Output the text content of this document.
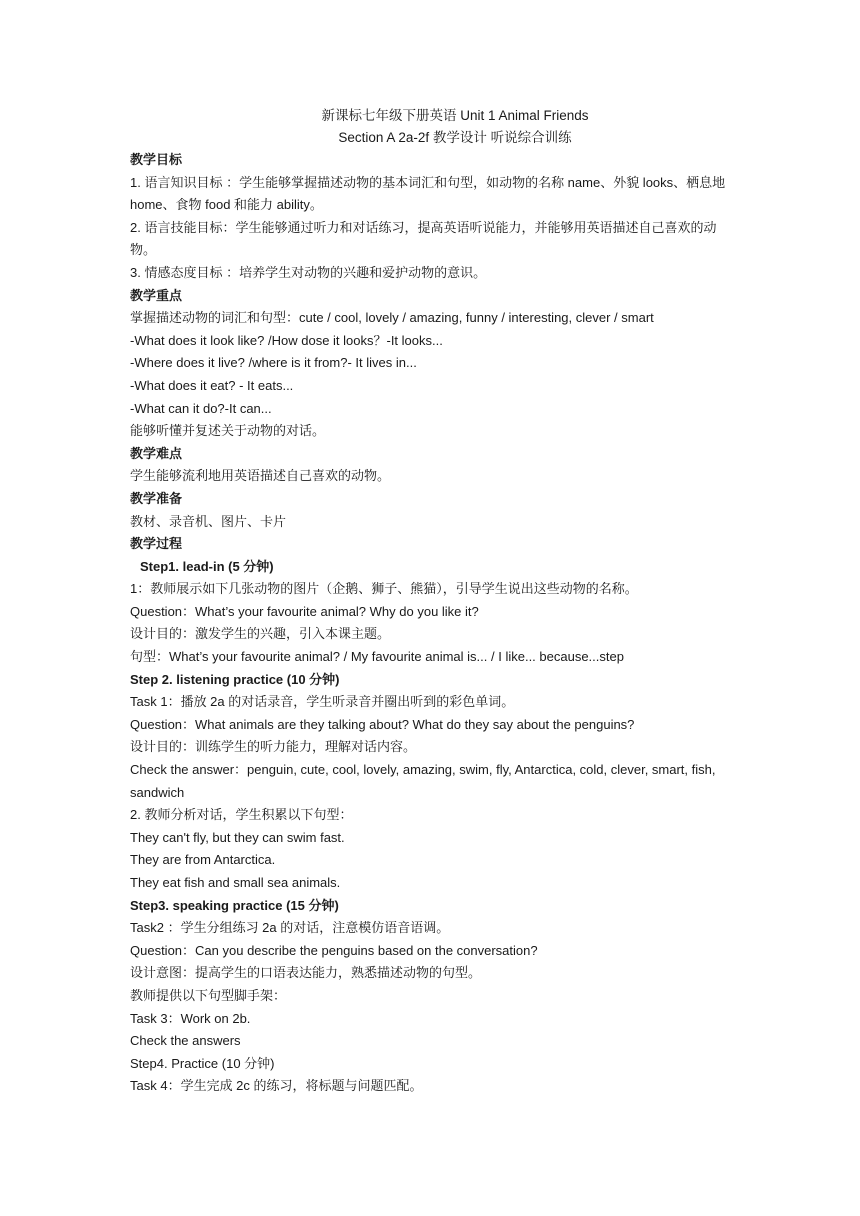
新课标七年级下册英语 Unit 1 Animal Friends
Section A 2a-2f 教学设计 听说综合训练
教学目标
1. 语言知识目标 ：学生能够掌握描述动物的基本词汇和句型，如动物的名称 name、外貌 looks、栖息地 home、食物 food 和能力 ability。
2. 语言技能目标：学生能够通过听力和对话练习，提高英语听说能力，并能够用英语描述自己喜欢的动物。
3. 情感态度目标 ：培养学生对动物的兴趣和爱护动物的意识。
教学重点
掌握描述动物的词汇和句型：cute / cool, lovely / amazing, funny / interesting, clever / smart
-What does it look like? /How dose it looks？-It looks...
-Where does it live? /where is it from?- It lives in...
-What does it eat? - It eats...
-What can it do?-It can...
能够听懂并复述关于动物的对话。
教学难点
学生能够流利地用英语描述自己喜欢的动物。
教学准备
教材、录音机、图片、卡片
教学过程
Step1. lead-in (5 分钟)
1：教师展示如下几张动物的图片（企鹅、狮子、熊猫），引导学生说出这些动物的名称。
Question：What’s your favourite animal? Why do you like it?
设计目的：激发学生的兴趣，引入本课主题。
句型：What’s your favourite animal? / My favourite animal is... / I like... because...step
Step 2. listening practice (10 分钟)
Task 1：播放 2a 的对话录音，学生听录音并圈出听到的彩色单词。
Question：What animals are they talking about? What do they say about the penguins?
设计目的：训练学生的听力能力，理解对话内容。
Check the answer：penguin, cute, cool, lovely, amazing, swim, fly, Antarctica, cold, clever, smart, fish, sandwich
2. 教师分析对话，学生积累以下句型：
They can't fly, but they can swim fast.
They are from Antarctica.
They eat fish and small sea animals.
Step3. speaking practice (15 分钟)
Task2 ：学生分组练习 2a 的对话，注意模仿语音语调。
Question：Can you describe the penguins based on the conversation?
设计意图：提高学生的口语表达能力，熟悉描述动物的句型。
教师提供以下句型脚手架：
Task 3：Work on 2b.
Check the answers
Step4. Practice (10 分钟)
Task 4：学生完成 2c 的练习，将标题与问题匹配。
